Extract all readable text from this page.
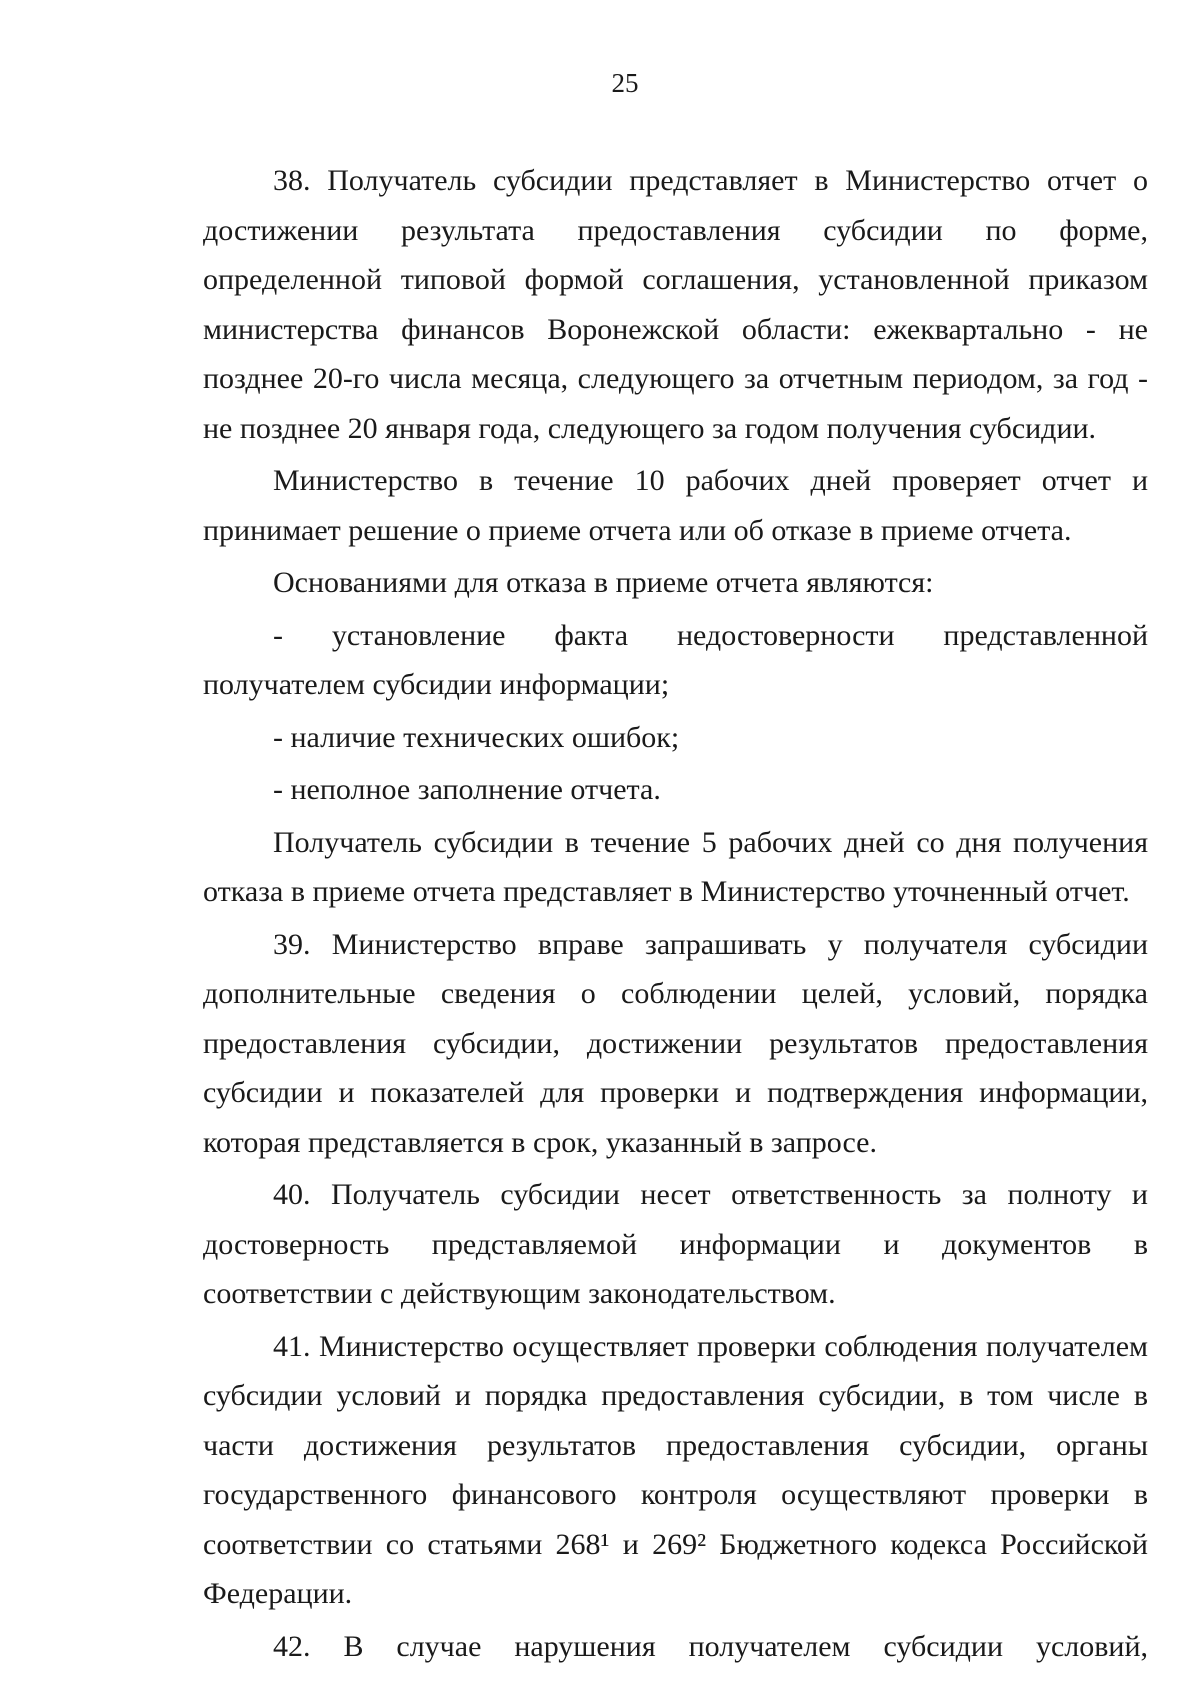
25

38. Получатель субсидии представляет в Министерство отчет о достижении результата предоставления субсидии по форме, определенной типовой формой соглашения, установленной приказом министерства финансов Воронежской области: ежеквартально - не позднее 20-го числа месяца, следующего за отчетным периодом, за год - не позднее 20 января года, следующего за годом получения субсидии.

Министерство в течение 10 рабочих дней проверяет отчет и принимает решение о приеме отчета или об отказе в приеме отчета.

Основаниями для отказа в приеме отчета являются:

- установление факта недостоверности представленной получателем субсидии информации;

- наличие технических ошибок;

- неполное заполнение отчета.

Получатель субсидии в течение 5 рабочих дней со дня получения отказа в приеме отчета представляет в Министерство уточненный отчет.

39. Министерство вправе запрашивать у получателя субсидии дополнительные сведения о соблюдении целей, условий, порядка предоставления субсидии, достижении результатов предоставления субсидии и показателей для проверки и подтверждения информации, которая представляется в срок, указанный в запросе.

40. Получатель субсидии несет ответственность за полноту и достоверность представляемой информации и документов в соответствии с действующим законодательством.

41. Министерство осуществляет проверки соблюдения получателем субсидии условий и порядка предоставления субсидии, в том числе в части достижения результатов предоставления субсидии, органы государственного финансового контроля осуществляют проверки в соответствии со статьями 268¹ и 269² Бюджетного кодекса Российской Федерации.

42. В случае нарушения получателем субсидии условий,
